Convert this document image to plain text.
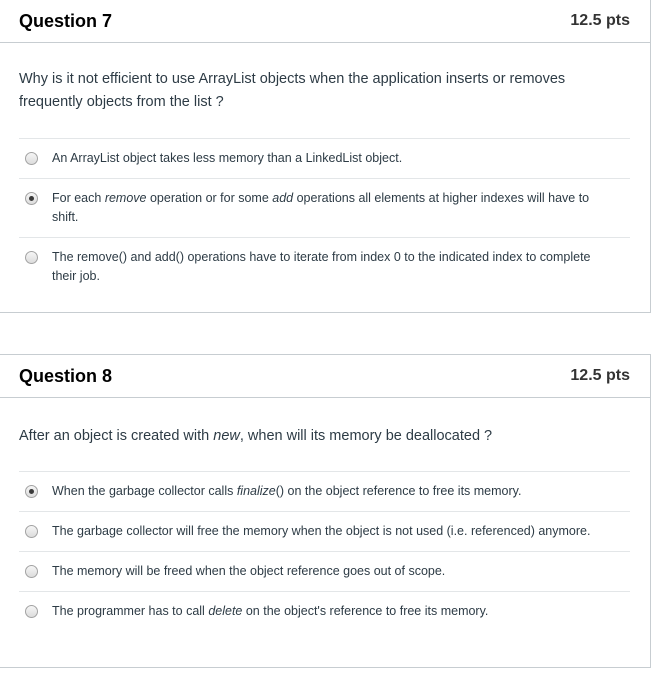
Question 7	12.5 pts
Why is it not efficient to use ArrayList objects when the application inserts or removes frequently objects from the list ?
An ArrayList object takes less memory than a LinkedList object.
For each remove operation or for some add operations all elements at higher indexes will have to shift.
The remove() and add() operations have to iterate from index 0 to the indicated index to complete their job.
Question 8	12.5 pts
After an object is created with new, when will its memory be deallocated ?
When the garbage collector calls finalize() on the object reference to free its memory.
The garbage collector will free the memory when the object is not used (i.e. referenced) anymore.
The memory will be freed when the object reference goes out of scope.
The programmer has to call delete on the object's reference to free its memory.
